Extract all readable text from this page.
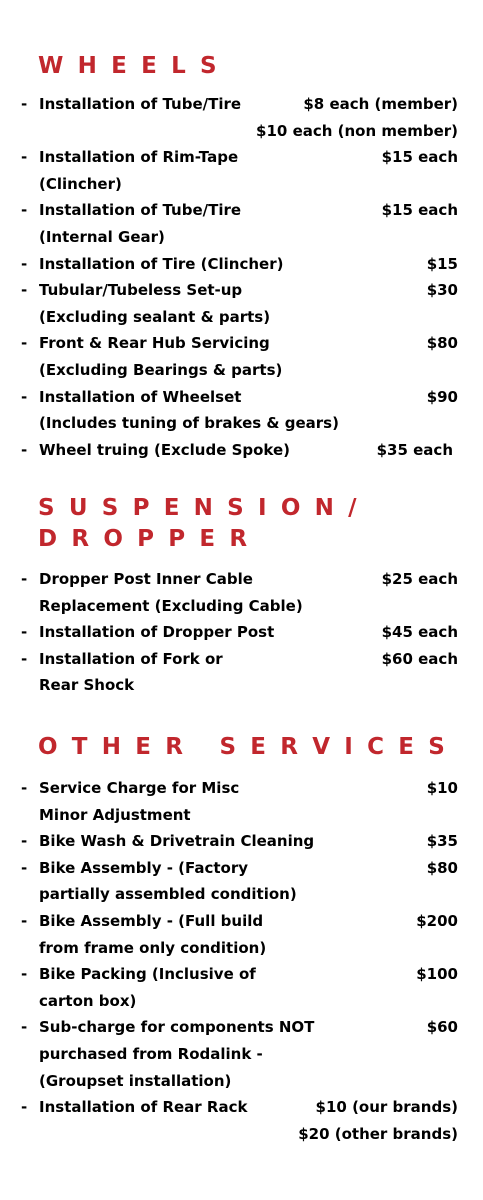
WHEELS
- Installation of Tube/Tire	$8 each (member)
$10 each (non member)
- Installation of Rim-Tape	$15 each
(Clincher)
- Installation of Tube/Tire	$15 each
(Internal Gear)
- Installation of Tire (Clincher)	$15
- Tubular/Tubeless Set-up	$30
(Excluding sealant & parts)
- Front & Rear Hub Servicing	$80
(Excluding Bearings & parts)
- Installation of Wheelset	$90
(Includes tuning of brakes & gears)
- Wheel truing (Exclude Spoke)	$35 each
SUSPENSION/
DROPPER
- Dropper Post Inner Cable	$25 each
Replacement (Excluding Cable)
- Installation of Dropper Post	$45 each
- Installation of Fork or	$60 each
Rear Shock
OTHER SERVICES
- Service Charge for Misc	$10
Minor Adjustment
- Bike Wash & Drivetrain Cleaning	$35
- Bike Assembly - (Factory	$80
partially assembled condition)
- Bike Assembly - (Full build	$200
from frame only condition)
- Bike Packing (Inclusive of	$100
carton box)
- Sub-charge for components NOT	$60
purchased from Rodalink -
(Groupset installation)
- Installation of Rear Rack	$10 (our brands)
$20 (other brands)
